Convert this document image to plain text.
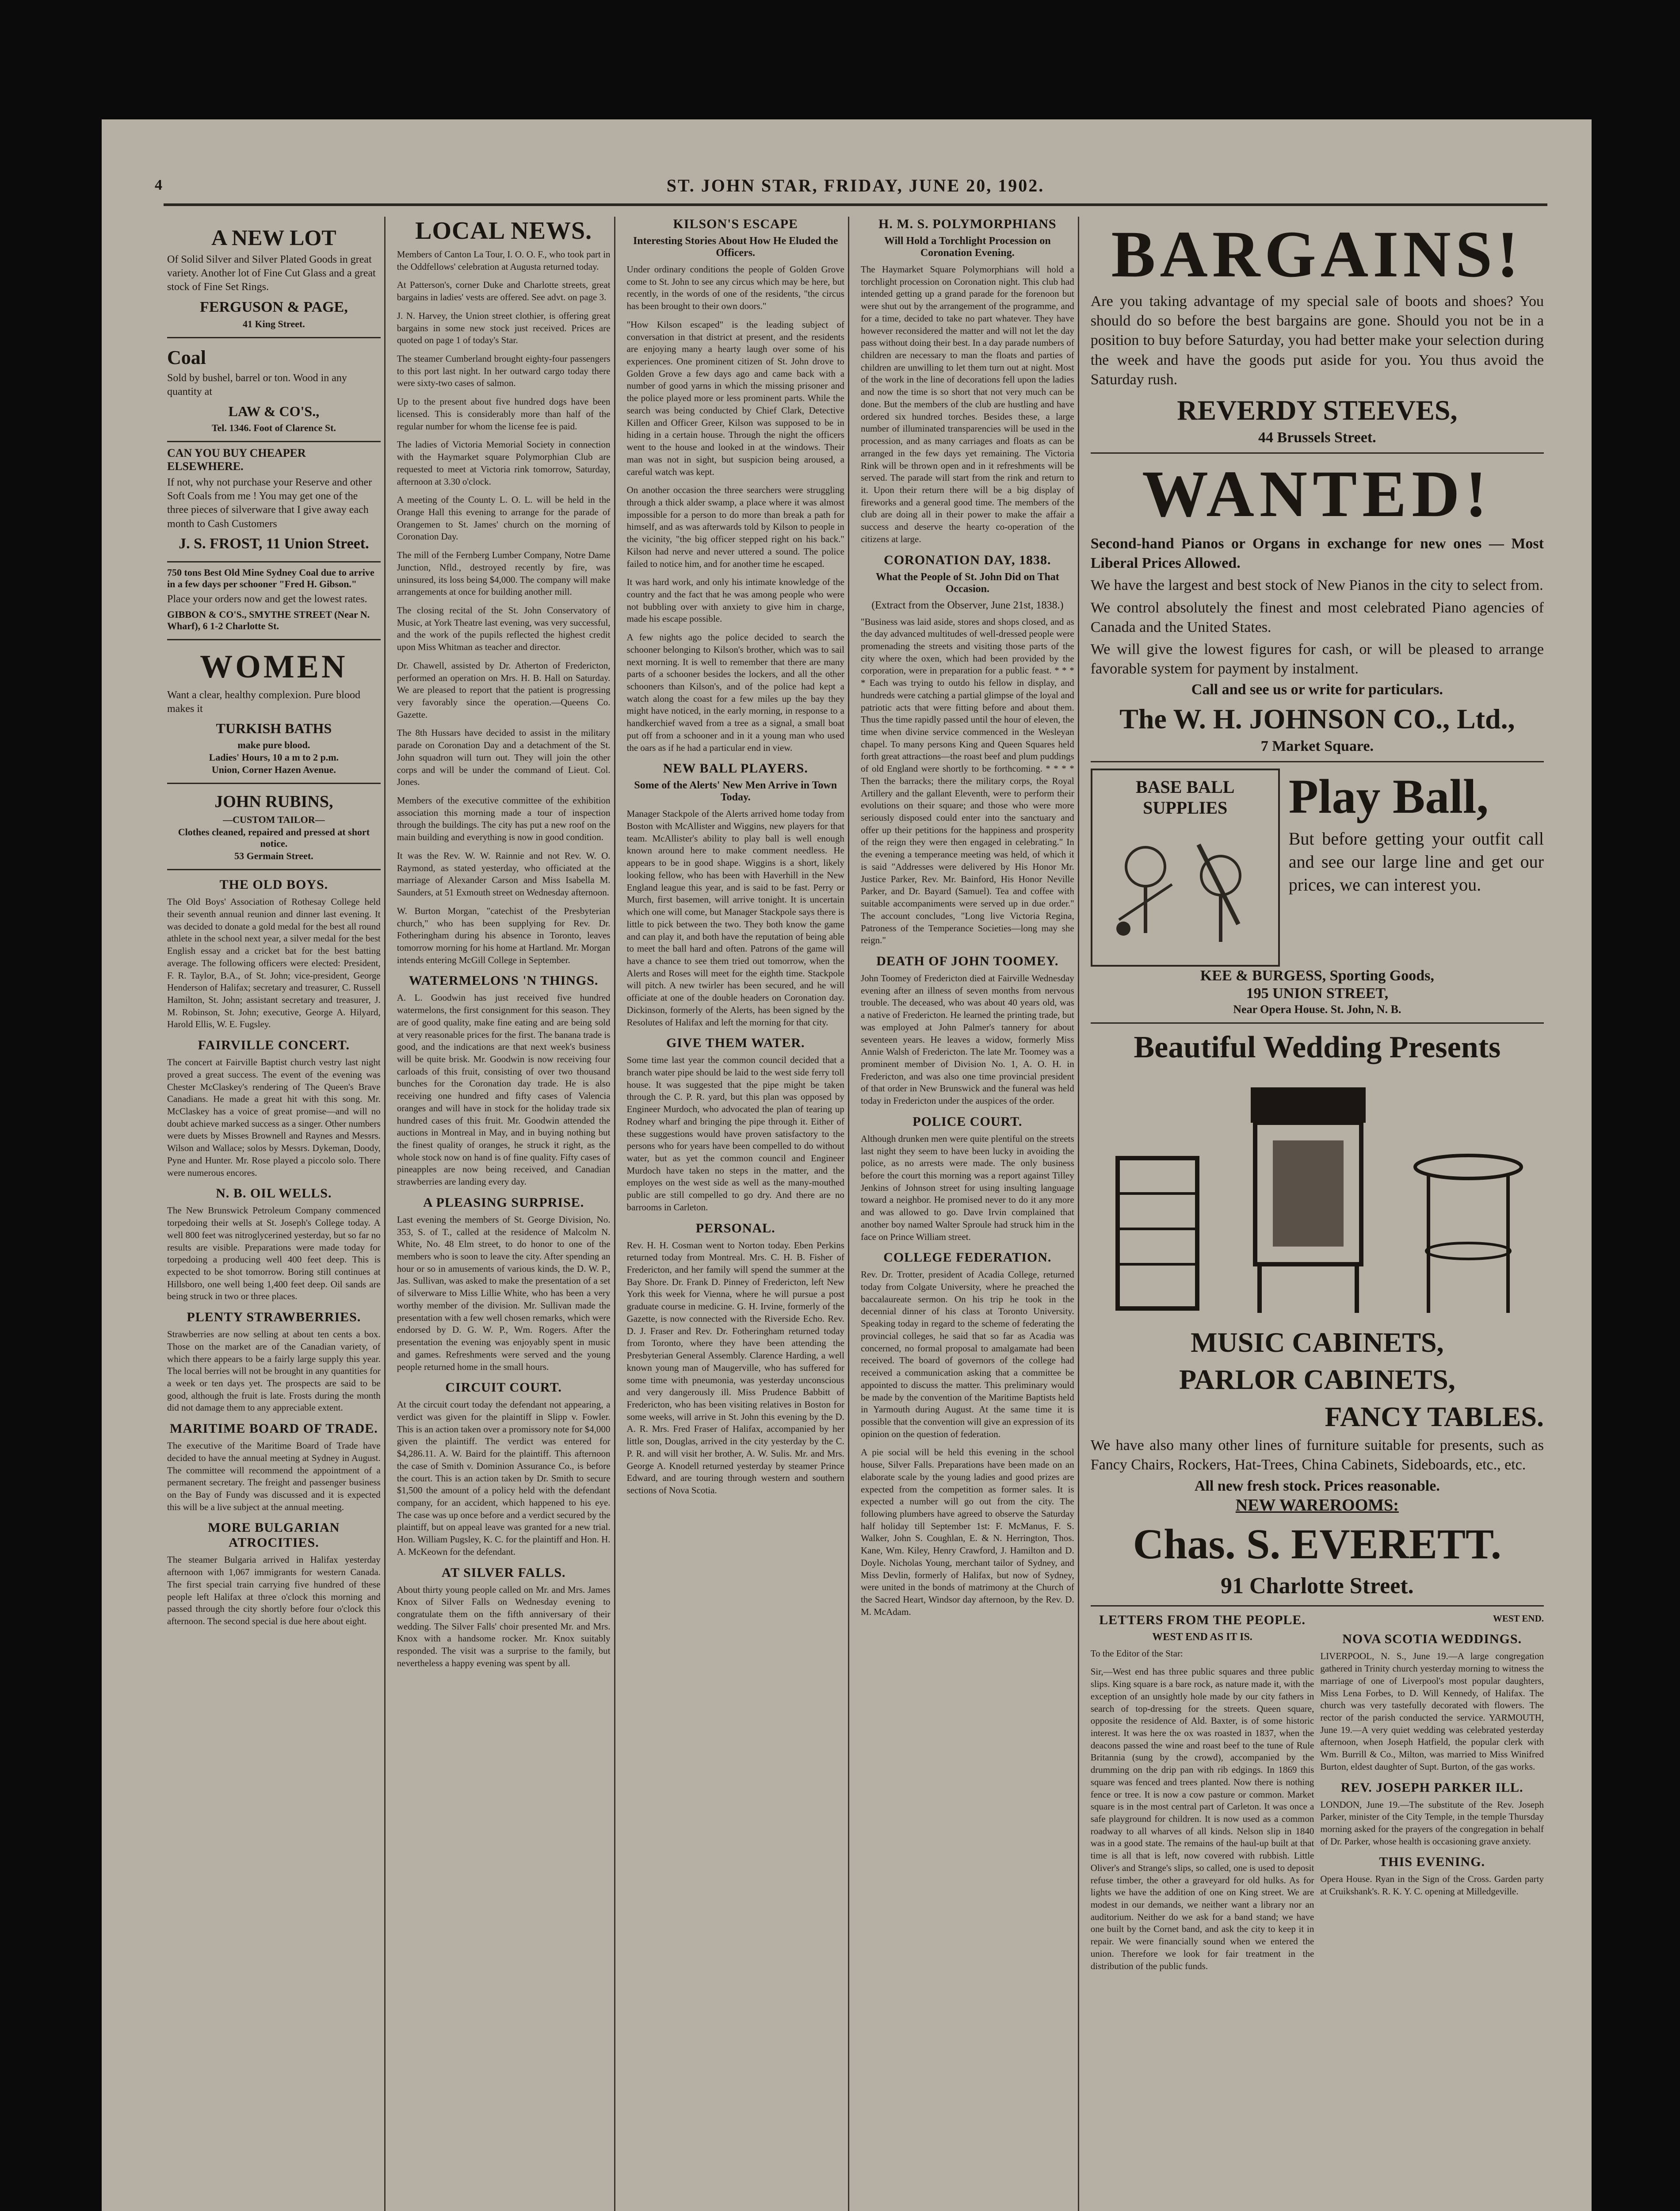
4	ST. JOHN STAR, FRIDAY, JUNE 20, 1902.
A NEW LOT
Of Solid Silver and Silver Plated Goods in great variety. Another lot of Fine Cut Glass and a great stock of Fine Set Rings.
FERGUSON & PAGE,
41 King Street.
Coal
Sold by bushel, barrel or ton. Wood in any quantity at
LAW & CO'S.,
Tel. 1346. Foot of Clarence St.
CAN YOU BUY CHEAPER ELSEWHERE.
If not, why not purchase your Reserve and other Soft Coals from me ! You may get one of the three pieces of silverware that I give away each month to Cash Customers
J. S. FROST, 11 Union Street.
750 tons Best Old Mine Sydney Coal due to arrive in a few days per schooner "Fred H. Gibson."
Place your orders now and get the lowest rates.
GIBBON & CO'S., SMYTHE STREET (Near N. Wharf), 6 1-2 Charlotte St.
WOMEN
Want a clear, healthy complexion. Pure blood makes it
TURKISH BATHS
make pure blood.
Ladies' Hours, 10 a m to 2 p.m.
Union, Corner Hazen Avenue.
JOHN RUBINS,
—CUSTOM TAILOR—
Clothes cleaned, repaired and pressed at short notice.
53 Germain Street.
THE OLD BOYS.

The Old Boys' Association of Rothesay College held their seventh annual reunion and dinner last evening. It was decided to donate a gold medal for the best all round athlete in the school next year, a silver medal for the best English essay and a cricket bat for the best batting average. The following officers were elected: President, F. R. Taylor, B.A., of St. John; vice-president, George Henderson of Halifax; secretary and treasurer, C. Russell Hamilton, St. John; assistant secretary and treasurer, J. M. Robinson, St. John; executive, George A. Hilyard, Harold Ellis, W. E. Fugsley.

FAIRVILLE CONCERT.

The concert at Fairville Baptist church vestry last night proved a great success. The event of the evening was Chester McClaskey's rendering of The Queen's Brave Canadians. He made a great hit with this song. Mr. McClaskey has a voice of great promise—and will no doubt achieve marked success as a singer. Other numbers were duets by Misses Brownell and Raynes and Messrs. Wilson and Wallace; solos by Messrs. Dykeman, Doody, Pyne and Hunter. Mr. Rose played a piccolo solo. There were numerous encores.

N. B. OIL WELLS.

The New Brunswick Petroleum Company commenced torpedoing their wells at St. Joseph's College today. A well 800 feet was nitroglycerined yesterday, but so far no results are visible. Preparations were made today for torpedoing a producing well 400 feet deep. This is expected to be shot tomorrow. Boring still continues at Hillsboro, one well being 1,400 feet deep. Oil sands are being struck in two or three places.

PLENTY STRAWBERRIES.

Strawberries are now selling at about ten cents a box. Those on the market are of the Canadian variety, of which there appears to be a fairly large supply this year. The local berries will not be brought in any quantities for a week or ten days yet. The prospects are said to be good, although the fruit is late. Frosts during the month did not damage them to any appreciable extent.

MARITIME BOARD OF TRADE.

The executive of the Maritime Board of Trade have decided to have the annual meeting at Sydney in August. The committee will recommend the appointment of a permanent secretary. The freight and passenger business on the Bay of Fundy was discussed and it is expected this will be a live subject at the annual meeting.

MORE BULGARIAN ATROCITIES.

The steamer Bulgaria arrived in Halifax yesterday afternoon with 1,067 immigrants for western Canada. The first special train carrying five hundred of these people left Halifax at three o'clock this morning and passed through the city shortly before four o'clock this afternoon. The second special is due here about eight.

LOCAL NEWS.

Members of Canton La Tour, I. O. O. F., who took part in the Oddfellows' celebration at Augusta returned today.

At Patterson's, corner Duke and Charlotte streets, great bargains in ladies' vests are offered. See advt. on page 3.

J. N. Harvey, the Union street clothier, is offering great bargains in some new stock just received. Prices are quoted on page 1 of today's Star.

The steamer Cumberland brought eighty-four passengers to this port last night. In her outward cargo today there were sixty-two cases of salmon.

Up to the present about five hundred dogs have been licensed. This is considerably more than half of the regular number for whom the license fee is paid.

The ladies of Victoria Memorial Society in connection with the Haymarket square Polymorphian Club are requested to meet at Victoria rink tomorrow, Saturday, afternoon at 3.30 o'clock.

A meeting of the County L. O. L. will be held in the Orange Hall this evening to arrange for the parade of Orangemen to St. James' church on the morning of Coronation Day.

The mill of the Fernberg Lumber Company, Notre Dame Junction, Nfld., destroyed recently by fire, was uninsured, its loss being $4,000. The company will make arrangements at once for building another mill.

The closing recital of the St. John Conservatory of Music, at York Theatre last evening, was very successful, and the work of the pupils reflected the highest credit upon Miss Whitman as teacher and director.

Dr. Chawell, assisted by Dr. Atherton of Fredericton, performed an operation on Mrs. H. B. Hall on Saturday. We are pleased to report that the patient is progressing very favorably since the operation.—Queens Co. Gazette.

The 8th Hussars have decided to assist in the military parade on Coronation Day and a detachment of the St. John squadron will turn out. They will join the other corps and will be under the command of Lieut. Col. Jones.

Members of the executive committee of the exhibition association this morning made a tour of inspection through the buildings. The city has put a new roof on the main building and everything is now in good condition.

It was the Rev. W. W. Rainnie and not Rev. W. O. Raymond, as stated yesterday, who officiated at the marriage of Alexander Carson and Miss Isabella M. Saunders, at 51 Exmouth street on Wednesday afternoon.

W. Burton Morgan, "catechist of the Presbyterian church," who has been supplying for Rev. Dr. Fotheringham during his absence in Toronto, leaves tomorrow morning for his home at Hartland. Mr. Morgan intends entering McGill College in September.

WATERMELONS 'N THINGS.

A. L. Goodwin has just received five hundred watermelons, the first consignment for this season. They are of good quality, make fine eating and are being sold at very reasonable prices for the first. The banana trade is good, and the indications are that next week's business will be quite brisk. Mr. Goodwin is now receiving four carloads of this fruit, consisting of over two thousand bunches for the Coronation day trade. He is also receiving one hundred and fifty cases of Valencia oranges and will have in stock for the holiday trade six hundred cases of this fruit. Mr. Goodwin attended the auctions in Montreal in May, and in buying nothing but the finest quality of oranges, he struck it right, as the whole stock now on hand is of fine quality. Fifty cases of pineapples are now being received, and Canadian strawberries are landing every day.

A PLEASING SURPRISE.

Last evening the members of St. George Division, No. 353, S. of T., called at the residence of Malcolm N. White, No. 48 Elm street, to do honor to one of the members who is soon to leave the city. After spending an hour or so in amusements of various kinds, the D. W. P., Jas. Sullivan, was asked to make the presentation of a set of silverware to Miss Lillie White, who has been a very worthy member of the division. Mr. Sullivan made the presentation with a few well chosen remarks, which were endorsed by D. G. W. P., Wm. Rogers. After the presentation the evening was enjoyably spent in music and games. Refreshments were served and the young people returned home in the small hours.

CIRCUIT COURT.

At the circuit court today the defendant not appearing, a verdict was given for the plaintiff in Slipp v. Fowler. This is an action taken over a promissory note for $4,000 given the plaintiff. The verdict was entered for $4,286.11. A. W. Baird for the plaintiff. This afternoon the case of Smith v. Dominion Assurance Co., is before the court. This is an action taken by Dr. Smith to secure $1,500 the amount of a policy held with the defendant company, for an accident, which happened to his eye. The case was up once before and a verdict secured by the plaintiff, but on appeal leave was granted for a new trial. Hon. William Pugsley, K. C. for the plaintiff and Hon. H. A. McKeown for the defendant.

AT SILVER FALLS.

About thirty young people called on Mr. and Mrs. James Knox of Silver Falls on Wednesday evening to congratulate them on the fifth anniversary of their wedding. The Silver Falls' choir presented Mr. and Mrs. Knox with a handsome rocker. Mr. Knox suitably responded. The visit was a surprise to the family, but nevertheless a happy evening was spent by all.

KILSON'S ESCAPE
Interesting Stories About How He Eluded the Officers.

Under ordinary conditions the people of Golden Grove come to St. John to see any circus which may be here, but recently, in the words of one of the residents, "the circus has been brought to their own doors."

"How Kilson escaped" is the leading subject of conversation in that district at present, and the residents are enjoying many a hearty laugh over some of his experiences. One prominent citizen of St. John drove to Golden Grove a few days ago and came back with a number of good yarns in which the missing prisoner and the police played more or less prominent parts. While the search was being conducted by Chief Clark, Detective Killen and Officer Greer, Kilson was supposed to be in hiding in a certain house. Through the night the officers went to the house and looked in at the windows. Their man was not in sight, but suspicion being aroused, a careful watch was kept.

On another occasion the three searchers were struggling through a thick alder swamp, a place where it was almost impossible for a person to do more than break a path for himself, and as was afterwards told by Kilson to people in the vicinity, "the big officer stepped right on his back." Kilson had nerve and never uttered a sound. The police failed to notice him, and for another time he escaped.

It was hard work, and only his intimate knowledge of the country and the fact that he was among people who were not bubbling over with anxiety to give him in charge, made his escape possible.

A few nights ago the police decided to search the schooner belonging to Kilson's brother, which was to sail next morning. It is well to remember that there are many parts of a schooner besides the lockers, and all the other schooners than Kilson's, and of the police had kept a watch along the coast for a few miles up the bay they might have noticed, in the early morning, in response to a handkerchief waved from a tree as a signal, a small boat put off from a schooner and in it a young man who used the oars as if he had a particular end in view.

NEW BALL PLAYERS.
Some of the Alerts' New Men Arrive in Town Today.

Manager Stackpole of the Alerts arrived home today from Boston with McAllister and Wiggins, new players for that team. McAllister's ability to play ball is well enough known around here to make comment needless. He appears to be in good shape. Wiggins is a short, likely looking fellow, who has been with Haverhill in the New England league this year, and is said to be fast. Perry or Murch, first basemen, will arrive tonight. It is uncertain which one will come, but Manager Stackpole says there is little to pick between the two. They both know the game and can play it, and both have the reputation of being able to meet the ball hard and often. Patrons of the game will have a chance to see them tried out tomorrow, when the Alerts and Roses will meet for the eighth time. Stackpole will pitch. A new twirler has been secured, and he will officiate at one of the double headers on Coronation day. Dickinson, formerly of the Alerts, has been signed by the Resolutes of Halifax and left the morning for that city.

GIVE THEM WATER.

Some time last year the common council decided that a branch water pipe should be laid to the west side ferry toll house. It was suggested that the pipe might be taken through the C. P. R. yard, but this plan was opposed by Engineer Murdoch, who advocated the plan of tearing up Rodney wharf and bringing the pipe through it. Either of these suggestions would have proven satisfactory to the persons who for years have been compelled to do without water, but as yet the common council and Engineer Murdoch have taken no steps in the matter, and the employes on the west side as well as the many-mouthed public are still compelled to go dry. And there are no barrooms in Carleton.

PERSONAL.

Rev. H. H. Cosman went to Norton today. Eben Perkins returned today from Montreal. Mrs. C. H. B. Fisher of Fredericton, and her family will spend the summer at the Bay Shore. Dr. Frank D. Pinney of Fredericton, left New York this week for Vienna, where he will pursue a post graduate course in medicine. G. H. Irvine, formerly of the Gazette, is now connected with the Riverside Echo. Rev. D. J. Fraser and Rev. Dr. Fotheringham returned today from Toronto, where they have been attending the Presbyterian General Assembly. Clarence Harding, a well known young man of Maugerville, who has suffered for some time with pneumonia, was yesterday unconscious and very dangerously ill. Miss Prudence Babbitt of Fredericton, who has been visiting relatives in Boston for some weeks, will arrive in St. John this evening by the D. A. R. Mrs. Fred Fraser of Halifax, accompanied by her little son, Douglas, arrived in the city yesterday by the C. P. R. and will visit her brother, A. W. Sulis. Mr. and Mrs. George A. Knodell returned yesterday by steamer Prince Edward, and are touring through western and southern sections of Nova Scotia.

H. M. S. POLYMORPHIANS
Will Hold a Torchlight Procession on Coronation Evening.

The Haymarket Square Polymorphians will hold a torchlight procession on Coronation night. This club had intended getting up a grand parade for the forenoon but were shut out by the arrangement of the programme, and for a time, decided to take no part whatever. They have however reconsidered the matter and will not let the day pass without doing their best. In a day parade numbers of children are necessary to man the floats and parties of children are unwilling to let them turn out at night. Most of the work in the line of decorations fell upon the ladies and now the time is so short that not very much can be done. But the members of the club are hustling and have ordered six hundred torches. Besides these, a large number of illuminated transparencies will be used in the procession, and as many carriages and floats as can be arranged in the few days yet remaining. The Victoria Rink will be thrown open and in it refreshments will be served. The parade will start from the rink and return to it. Upon their return there will be a big display of fireworks and a general good time. The members of the club are doing all in their power to make the affair a success and deserve the hearty co-operation of the citizens at large.

CORONATION DAY, 1838.
What the People of St. John Did on That Occasion.
(Extract from the Observer, June 21st, 1838.)

"Business was laid aside, stores and shops closed, and as the day advanced multitudes of well-dressed people were promenading the streets and visiting those parts of the city where the oxen, which had been provided by the corporation, were in preparation for a public feast. * * * * Each was trying to outdo his fellow in display, and hundreds were catching a partial glimpse of the loyal and patriotic acts that were fitting before and about them. Thus the time rapidly passed until the hour of eleven, the time when divine service commenced in the Wesleyan chapel. To many persons King and Queen Squares held forth great attractions—the roast beef and plum puddings of old England were shortly to be forthcoming. * * * * Then the barracks; there the military corps, the Royal Artillery and the gallant Eleventh, were to perform their evolutions on their square; and those who were more seriously disposed could enter into the sanctuary and offer up their petitions for the happiness and prosperity of the reign they were then engaged in celebrating." In the evening a temperance meeting was held, of which it is said "Addresses were delivered by His Honor Mr. Justice Parker, Rev. Mr. Bainford, His Honor Neville Parker, and Dr. Bayard (Samuel). Tea and coffee with suitable accompaniments were served up in due order." The account concludes, "Long live Victoria Regina, Patroness of the Temperance Societies—long may she reign."

DEATH OF JOHN TOOMEY.

John Toomey of Fredericton died at Fairville Wednesday evening after an illness of seven months from nervous trouble. The deceased, who was about 40 years old, was a native of Fredericton. He learned the printing trade, but was employed at John Palmer's tannery for about seventeen years. He leaves a widow, formerly Miss Annie Walsh of Fredericton. The late Mr. Toomey was a prominent member of Division No. 1, A. O. H. in Fredericton, and was also one time provincial president of that order in New Brunswick and the funeral was held today in Fredericton under the auspices of the order.

POLICE COURT.

Although drunken men were quite plentiful on the streets last night they seem to have been lucky in avoiding the police, as no arrests were made. The only business before the court this morning was a report against Tilley Jenkins of Johnson street for using insulting language toward a neighbor. He promised never to do it any more and was allowed to go. Dave Irvin complained that another boy named Walter Sproule had struck him in the face on Prince William street.

COLLEGE FEDERATION.

Rev. Dr. Trotter, president of Acadia College, returned today from Colgate University, where he preached the baccalaureate sermon. On his trip he took in the decennial dinner of his class at Toronto University. Speaking today in regard to the scheme of federating the provincial colleges, he said that so far as Acadia was concerned, no formal proposal to amalgamate had been received. The board of governors of the college had received a communication asking that a committee be appointed to discuss the matter. This preliminary would be made by the convention of the Maritime Baptists held in Yarmouth during August. At the same time it is possible that the convention will give an expression of its opinion on the question of federation.

A pie social will be held this evening in the school house, Silver Falls. Preparations have been made on an elaborate scale by the young ladies and good prizes are expected from the competition as former sales. It is expected a number will go out from the city. The following plumbers have agreed to observe the Saturday half holiday till September 1st: F. McManus, F. S. Walker, John S. Coughlan, E. & N. Herrington, Thos. Kane, Wm. Kiley, Henry Crawford, J. Hamilton and D. Doyle. Nicholas Young, merchant tailor of Sydney, and Miss Devlin, formerly of Halifax, but now of Sydney, were united in the bonds of matrimony at the Church of the Sacred Heart, Windsor day afternoon, by the Rev. D. M. McAdam.

BARGAINS!

Are you taking advantage of my special sale of boots and shoes? You should do so before the best bargains are gone. Should you not be in a position to buy before Saturday, you had better make your selection during the week and have the goods put aside for you. You thus avoid the Saturday rush.

REVERDY STEEVES,
44 Brussels Street.
WANTED!

Second-hand Pianos or Organs in exchange for new ones — Most Liberal Prices Allowed.

We have the largest and best stock of New Pianos in the city to select from.

We control absolutely the finest and most celebrated Piano agencies of Canada and the United States.

We will give the lowest figures for cash, or will be pleased to arrange favorable system for payment by instalment.

Call and see us or write for particulars.

The W. H. JOHNSON CO., Ltd.,
7 Market Square.
BASE BALL SUPPLIES	Play Ball,

But before getting your outfit call and see our large line and get our prices, we can interest you.

KEE & BURGESS, Sporting Goods,
195 UNION STREET,
Near Opera House. St. John, N. B.
Beautiful Wedding Presents
MUSIC CABINETS,
PARLOR CABINETS,
FANCY TABLES.

We have also many other lines of furniture suitable for presents, such as Fancy Chairs, Rockers, Hat-Trees, China Cabinets, Sideboards, etc., etc.

All new fresh stock. Prices reasonable.

NEW WAREROOMS:
Chas. S. EVERETT.
91 Charlotte Street.
LETTERS FROM THE PEOPLE.
WEST END AS IT IS.

To the Editor of the Star:

Sir,—West end has three public squares and three public slips. King square is a bare rock, as nature made it, with the exception of an unsightly hole made by our city fathers in search of top-dressing for the streets. Queen square, opposite the residence of Ald. Baxter, is of some historic interest. It was here the ox was roasted in 1837, when the deacons passed the wine and roast beef to the tune of Rule Britannia (sung by the crowd), accompanied by the drumming on the drip pan with rib edgings. In 1869 this square was fenced and trees planted. Now there is nothing fence or tree. It is now a cow pasture or common. Market square is in the most central part of Carleton. It was once a safe playground for children. It is now used as a common roadway to all wharves of all kinds. Nelson slip in 1840 was in a good state. The remains of the haul-up built at that time is all that is left, now covered with rubbish. Little Oliver's and Strange's slips, so called, one is used to deposit refuse timber, the other a graveyard for old hulks. As for lights we have the addition of one on King street. We are modest in our demands, we neither want a library nor an auditorium. Neither do we ask for a band stand; we have one built by the Cornet band, and ask the city to keep it in repair. We were financially sound when we entered the union. Therefore we look for fair treatment in the distribution of the public funds.

WEST END.

NOVA SCOTIA WEDDINGS.

LIVERPOOL, N. S., June 19.—A large congregation gathered in Trinity church yesterday morning to witness the marriage of one of Liverpool's most popular daughters, Miss Lena Forbes, to D. Will Kennedy, of Halifax. The church was very tastefully decorated with flowers. The rector of the parish conducted the service. YARMOUTH, June 19.—A very quiet wedding was celebrated yesterday afternoon, when Joseph Hatfield, the popular clerk with Wm. Burrill & Co., Milton, was married to Miss Winifred Burton, eldest daughter of Supt. Burton, of the gas works.

REV. JOSEPH PARKER ILL.

LONDON, June 19.—The substitute of the Rev. Joseph Parker, minister of the City Temple, in the temple Thursday morning asked for the prayers of the congregation in behalf of Dr. Parker, whose health is occasioning grave anxiety.

THIS EVENING.

Opera House. Ryan in the Sign of the Cross. Garden party at Cruikshank's. R. K. Y. C. opening at Milledgeville.
